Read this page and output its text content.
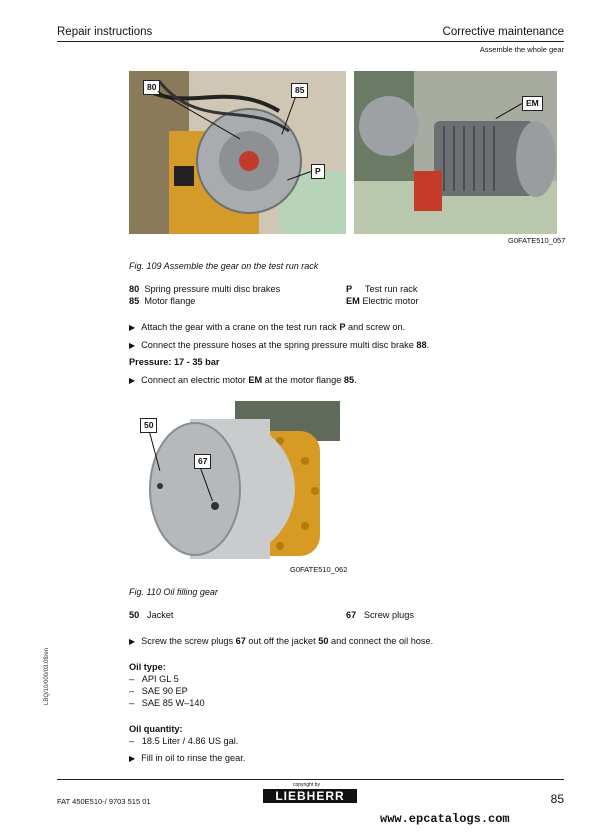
Repair instructions	Corrective maintenance
Assemble the whole gear
80	85
P
EM
G0FATE510_057
Fig. 109 Assemble the gear on the test run rack
80 Spring pressure multi disc brakes
85 Motor flange
P Test run rack
EM Electric motor
▶ Attach the gear with a crane on the test run rack P and screw on.
▶ Connect the pressure hoses at the spring pressure multi disc brake 88.
Pressure: 17 - 35 bar
▶ Connect an electric motor EM at the motor flange 85.
50
67
G0FATE510_062
Fig. 110 Oil filling gear
50 Jacket	67 Screw plugs
▶ Screw the screw plugs 67 out off the jacket 50 and connect the oil hose.
Oil type:
– API GL 5
– SAE 90 EP
– SAE 85 W–140
Oil quantity:
– 18.5 Liter / 4.86 US gal.
▶ Fill in oil to rinse the gear.
LBQ/10/000/03.08/en
FAT 450E510-/ 9703 515 01
copyright by
LIEBHERR	85
www.epcatalogs.com
